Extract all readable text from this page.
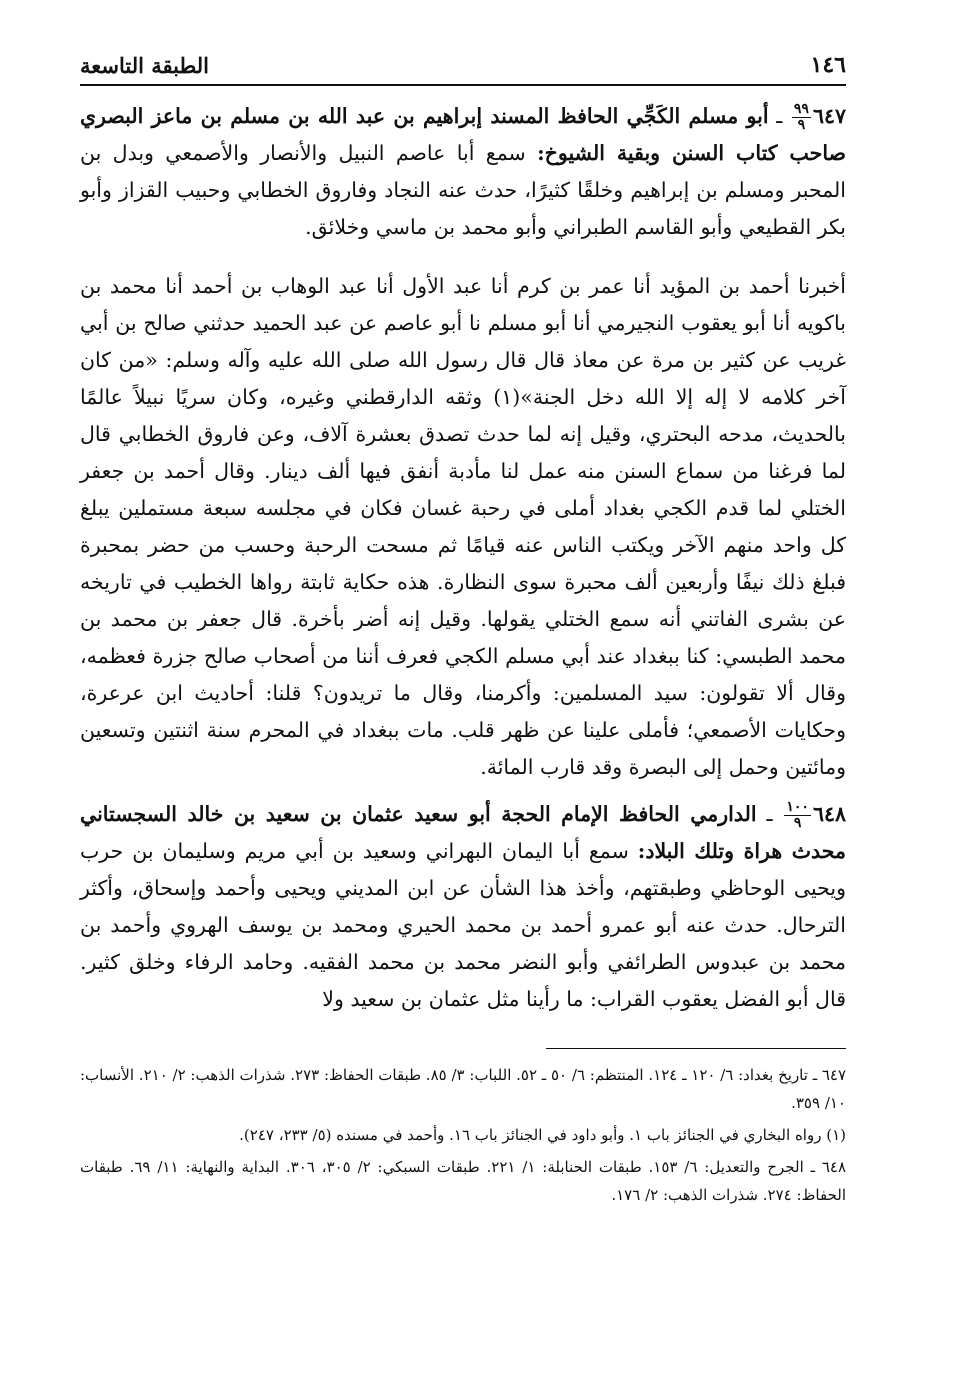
١٤٦
الطبقة التاسعة

٦٤٧
$\frac{٩٩}{٩}$
ـ أبو مسلم الكَجِّي الحافظ المسند إبراهيم بن عبد الله بن مسلم بن ماعز البصري صاحب كتاب السنن وبقية الشيوخ: سمع أبا عاصم النبيل والأنصار والأصمعي وبدل بن المحبر ومسلم بن إبراهيم وخلقًا كثيرًا، حدث عنه النجاد وفاروق الخطابي وحبيب القزاز وأبو بكر القطيعي وأبو القاسم الطبراني وأبو محمد بن ماسي وخلائق.

أخبرنا أحمد بن المؤيد أنا عمر بن كرم أنا عبد الأول أنا عبد الوهاب بن أحمد أنا محمد بن باكويه أنا أبو يعقوب النجيرمي أنا أبو مسلم نا أبو عاصم عن عبد الحميد حدثني صالح بن أبي غريب عن كثير بن مرة عن معاذ قال قال رسول الله صلى الله عليه وآله وسلم: «من كان آخر كلامه لا إله إلا الله دخل الجنة»(١) وثقه الدارقطني وغيره، وكان سريًا نبيلاً عالمًا بالحديث، مدحه البحتري، وقيل إنه لما حدث تصدق بعشرة آلاف، وعن فاروق الخطابي قال لما فرغنا من سماع السنن منه عمل لنا مأدبة أنفق فيها ألف دينار. وقال أحمد بن جعفر الختلي لما قدم الكجي بغداد أملى في رحبة غسان فكان في مجلسه سبعة مستملين يبلغ كل واحد منهم الآخر ويكتب الناس عنه قيامًا ثم مسحت الرحبة وحسب من حضر بمحبرة فبلغ ذلك نيفًا وأربعين ألف محبرة سوى النظارة. هذه حكاية ثابتة رواها الخطيب في تاريخه عن بشرى الفاتني أنه سمع الختلي يقولها. وقيل إنه أضر بأخرة. قال جعفر بن محمد بن محمد الطبسي: كنا ببغداد عند أبي مسلم الكجي فعرف أننا من أصحاب صالح جزرة فعظمه، وقال ألا تقولون: سيد المسلمين: وأكرمنا، وقال ما تريدون؟ قلنا: أحاديث ابن عرعرة، وحكايات الأصمعي؛ فأملى علينا عن ظهر قلب. مات ببغداد في المحرم سنة اثنتين وتسعين ومائتين وحمل إلى البصرة وقد قارب المائة.

٦٤٨
$\frac{١٠٠}{٩}$
ـ الدارمي الحافظ الإمام الحجة أبو سعيد عثمان بن سعيد بن خالد السجستاني محدث هراة وتلك البلاد: سمع أبا اليمان البهراني وسعيد بن أبي مريم وسليمان بن حرب ويحيى الوحاظي وطبقتهم، وأخذ هذا الشأن عن ابن المديني ويحيى وأحمد وإسحاق، وأكثر الترحال. حدث عنه أبو عمرو أحمد بن محمد الحيري ومحمد بن يوسف الهروي وأحمد بن محمد بن عبدوس الطرائفي وأبو النضر محمد بن محمد الفقيه. وحامد الرفاء وخلق كثير. قال أبو الفضل يعقوب القراب: ما رأينا مثل عثمان بن سعيد ولا

٦٤٧ ـ تاريخ بغداد: ٦/ ١٢٠ ـ ١٢٤. المنتظم: ٦/ ٥٠ ـ ٥٢. اللباب: ٣/ ٨٥. طبقات الحفاظ: ٢٧٣. شذرات الذهب: ٢/ ٢١٠. الأنساب: ١٠/ ٣٥٩.

(١) رواه البخاري في الجنائز باب ١. وأبو داود في الجنائز باب ١٦. وأحمد في مسنده (٥/ ٢٣٣، ٢٤٧).

٦٤٨ ـ الجرح والتعديل: ٦/ ١٥٣. طبقات الحنابلة: ١/ ٢٢١. طبقات السبكي: ٢/ ٣٠٥، ٣٠٦. البداية والنهاية: ١١/ ٦٩. طبقات الحفاظ: ٢٧٤. شذرات الذهب: ٢/ ١٧٦.
